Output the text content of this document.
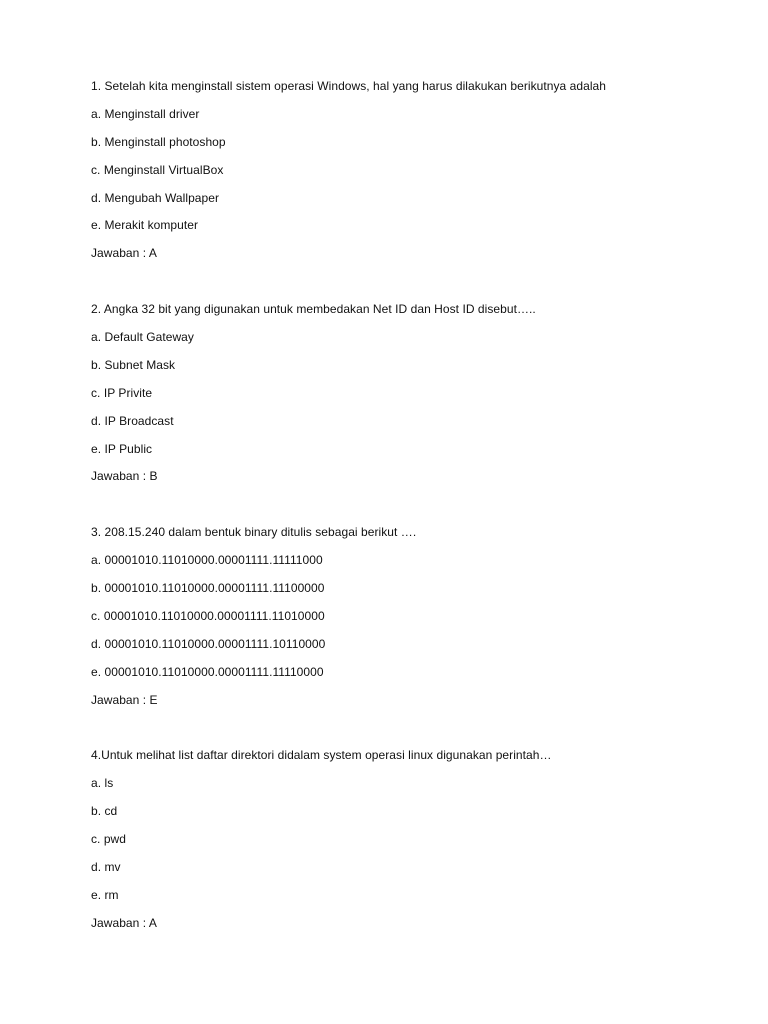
1. Setelah kita menginstall sistem operasi Windows, hal yang harus dilakukan berikutnya adalah
a. Menginstall driver
b. Menginstall photoshop
c. Menginstall VirtualBox
d. Mengubah Wallpaper
e. Merakit komputer
Jawaban : A
2. Angka 32 bit yang digunakan untuk membedakan Net ID dan Host ID disebut…..
a. Default Gateway
b. Subnet Mask
c. IP Privite
d. IP Broadcast
e. IP Public
Jawaban : B
3. 208.15.240 dalam bentuk binary ditulis sebagai berikut ….
a. 00001010.11010000.00001111.11111000
b. 00001010.11010000.00001111.11100000
c. 00001010.11010000.00001111.11010000
d. 00001010.11010000.00001111.10110000
e. 00001010.11010000.00001111.11110000
Jawaban : E
4.Untuk melihat list daftar direktori didalam system operasi linux digunakan perintah…
a. ls
b. cd
c. pwd
d. mv
e. rm
Jawaban : A
